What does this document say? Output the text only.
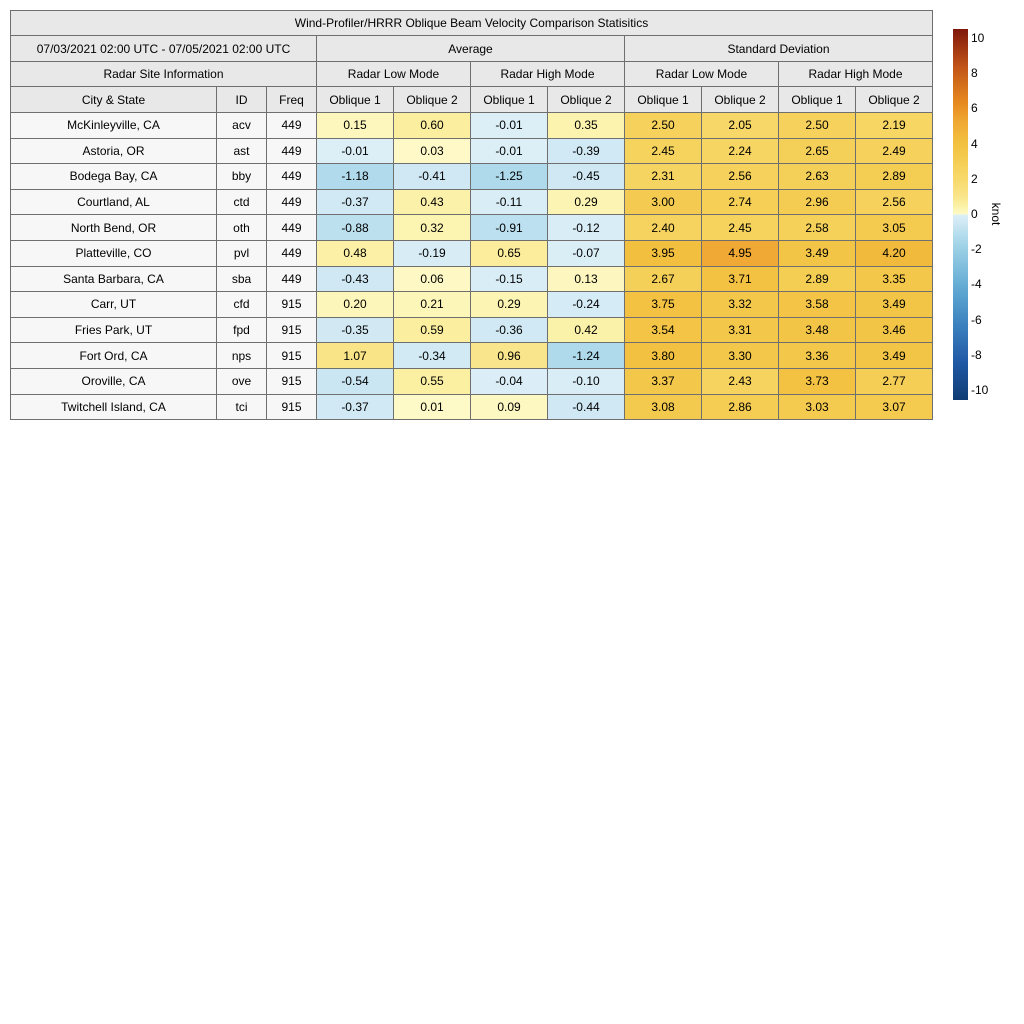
Wind-Profiler/HRRR Oblique Beam Velocity Comparison Statisitics										
07/03/2021 02:00 UTC - 07/05/2021 02:00 UTC			Average				Standard Deviation			
Radar Site Information			Radar Low Mode		Radar High Mode		Radar Low Mode		Radar High Mode	
City & State	ID	Freq	Oblique 1	Oblique 2	Oblique 1	Oblique 2	Oblique 1	Oblique 2	Oblique 1	Oblique 2
McKinleyville, CA	acv	449	0.15	0.60	-0.01	0.35	2.50	2.05	2.50	2.19
Astoria, OR	ast	449	-0.01	0.03	-0.01	-0.39	2.45	2.24	2.65	2.49
Bodega Bay, CA	bby	449	-1.18	-0.41	-1.25	-0.45	2.31	2.56	2.63	2.89
Courtland, AL	ctd	449	-0.37	0.43	-0.11	0.29	3.00	2.74	2.96	2.56
North Bend, OR	oth	449	-0.88	0.32	-0.91	-0.12	2.40	2.45	2.58	3.05
Platteville, CO	pvl	449	0.48	-0.19	0.65	-0.07	3.95	4.95	3.49	4.20
Santa Barbara, CA	sba	449	-0.43	0.06	-0.15	0.13	2.67	3.71	2.89	3.35
Carr, UT	cfd	915	0.20	0.21	0.29	-0.24	3.75	3.32	3.58	3.49
Fries Park, UT	fpd	915	-0.35	0.59	-0.36	0.42	3.54	3.31	3.48	3.46
Fort Ord, CA	nps	915	1.07	-0.34	0.96	-1.24	3.80	3.30	3.36	3.49
Oroville, CA	ove	915	-0.54	0.55	-0.04	-0.10	3.37	2.43	3.73	2.77
Twitchell Island, CA	tci	915	-0.37	0.01	0.09	-0.44	3.08	2.86	3.03	3.07
10
8
6
4
2
0
-2
-4
-6
-8
-10
knot
